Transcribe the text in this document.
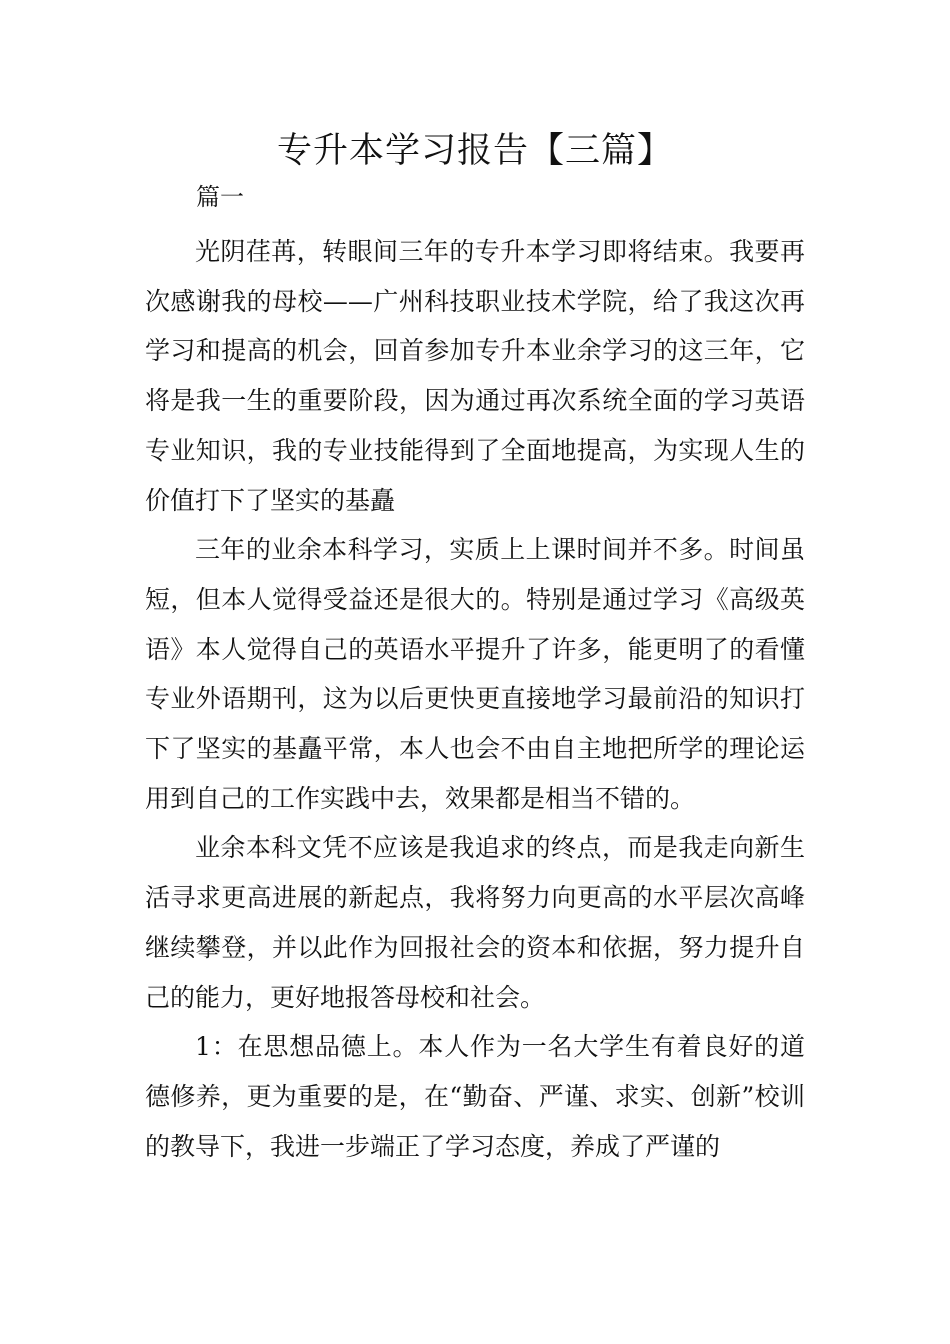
专升本学习报告【三篇】
篇一

光阴荏苒，转眼间三年的专升本学习即将结束。我要再次感谢我的母校——广州科技职业技术学院，给了我这次再学习和提高的机会，回首参加专升本业余学习的这三年，它将是我一生的重要阶段，因为通过再次系统全面的学习英语专业知识，我的专业技能得到了全面地提高，为实现人生的价值打下了坚实的基矗

三年的业余本科学习，实质上上课时间并不多。时间虽短，但本人觉得受益还是很大的。特别是通过学习《高级英语》本人觉得自己的英语水平提升了许多，能更明了的看懂专业外语期刊，这为以后更快更直接地学习最前沿的知识打下了坚实的基矗平常，本人也会不由自主地把所学的理论运用到自己的工作实践中去，效果都是相当不错的。

业余本科文凭不应该是我追求的终点，而是我走向新生活寻求更高进展的新起点，我将努力向更高的水平层次高峰继续攀登，并以此作为回报社会的资本和依据，努力提升自己的能力，更好地报答母校和社会。

1：在思想品德上。本人作为一名大学生有着良好的道德修养，更为重要的是，在“勤奋、严谨、求实、创新”校训的教导下，我进一步端正了学习态度，养成了严谨的
